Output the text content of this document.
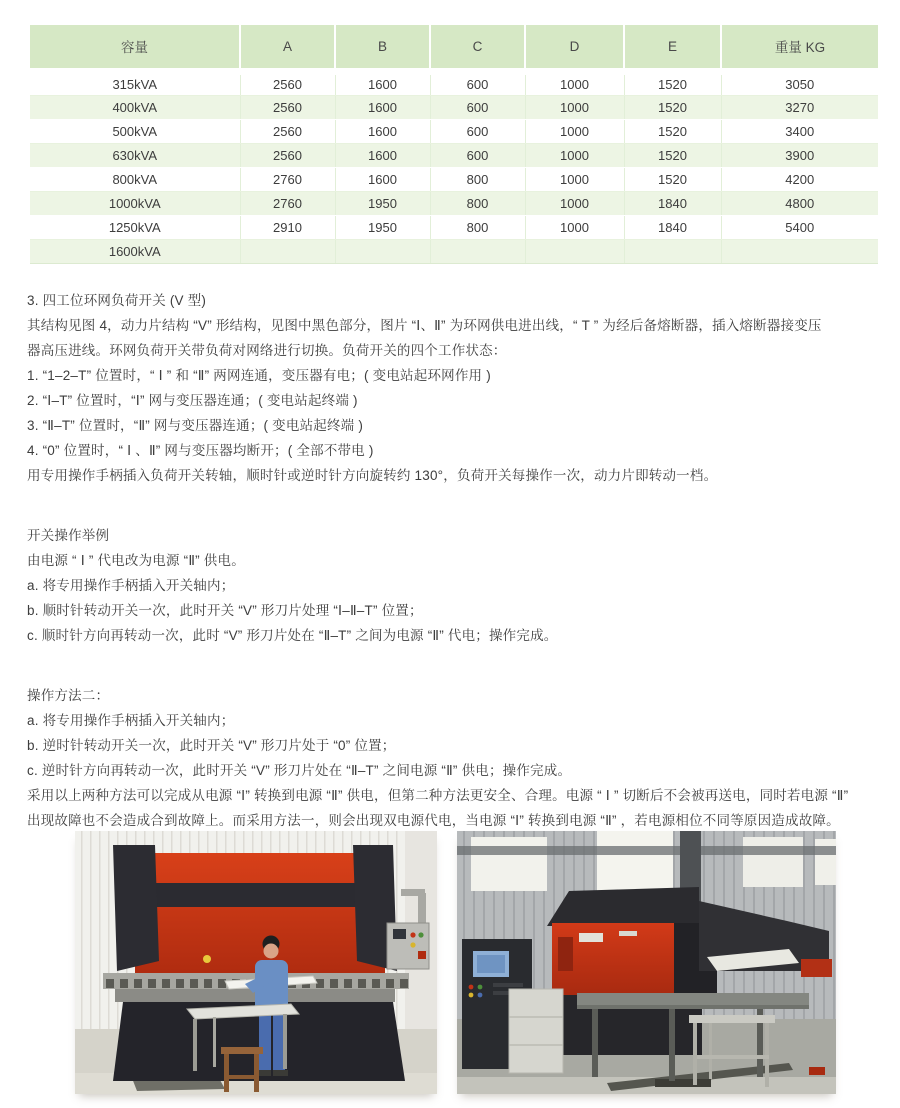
容量	A	B	C	D	E	重量 KG
315kVA	2560	1600	600	1000	1520	3050
400kVA	2560	1600	600	1000	1520	3270
500kVA	2560	1600	600	1000	1520	3400
630kVA	2560	1600	600	1000	1520	3900
800kVA	2760	1600	800	1000	1520	4200
1000kVA	2760	1950	800	1000	1840	4800
1250kVA	2910	1950	800	1000	1840	5400
1600kVA						
3. 四工位环网负荷开关 (V 型)
其结构见图 4，动力片结构 “V” 形结构，见图中黑色部分，图片 “Ⅰ、Ⅱ” 为环网供电进出线，“ T ” 为经后备熔断器，插入熔断器接变压
器高压进线。环网负荷开关带负荷对网络进行切换。负荷开关的四个工作状态：
1. “1–2–T” 位置时，“ Ⅰ ” 和 “Ⅱ” 两网连通，变压器有电；( 变电站起环网作用 )
2. “Ⅰ–T” 位置时，“Ⅰ” 网与变压器连通；( 变电站起终端 )
3. “Ⅱ–T” 位置时，“Ⅱ” 网与变压器连通；( 变电站起终端 )
4. “0” 位置时，“ Ⅰ 、Ⅱ” 网与变压器均断开；( 全部不带电 )
用专用操作手柄插入负荷开关转轴，顺时针或逆时针方向旋转约 130°，负荷开关每操作一次，动力片即转动一档。
开关操作举例
由电源 “ Ⅰ ” 代电改为电源 “Ⅱ” 供电。
a. 将专用操作手柄插入开关轴内；
b. 顺时针转动开关一次，此时开关 “V” 形刀片处理 “Ⅰ–Ⅱ–T” 位置；
c. 顺时针方向再转动一次，此时 “V” 形刀片处在 “Ⅱ–T” 之间为电源 “Ⅱ” 代电；操作完成。
操作方法二：
a. 将专用操作手柄插入开关轴内；
b. 逆时针转动开关一次，此时开关 “V” 形刀片处于 “0” 位置；
c. 逆时针方向再转动一次，此时开关 “V” 形刀片处在 “Ⅱ–T” 之间电源 “Ⅱ” 供电；操作完成。
采用以上两种方法可以完成从电源 “Ⅰ” 转换到电源 “Ⅱ” 供电，但第二种方法更安全、合理。电源 “ Ⅰ ” 切断后不会被再送电，同时若电源 “Ⅱ”
出现故障也不会造成合到故障上。而采用方法一，则会出现双电源代电，当电源 “Ⅰ” 转换到电源 “Ⅱ” ，若电源相位不同等原因造成故障。
